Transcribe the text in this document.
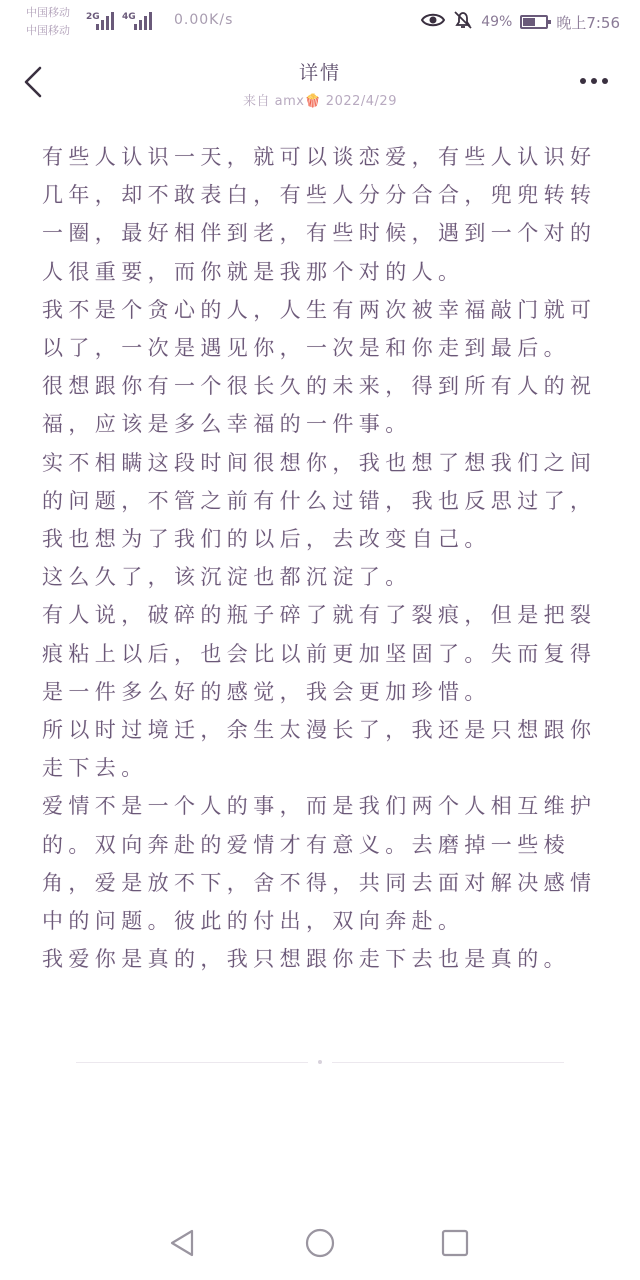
中国移动
中国移动
2G 4G	0.00K/s	49%	晚上7:56
详情
来自 amx🍿 2022/4/29

有些人认识一天，就可以谈恋爱，有些人认识好几年，却不敢表白，有些人分分合合，兜兜转转一圈，最好相伴到老，有些时候，遇到一个对的人很重要，而你就是我那个对的人。

我不是个贪心的人，人生有两次被幸福敲门就可以了，一次是遇见你，一次是和你走到最后。

很想跟你有一个很长久的未来，得到所有人的祝福，应该是多么幸福的一件事。

实不相瞒这段时间很想你，我也想了想我们之间的问题，不管之前有什么过错，我也反思过了，我也想为了我们的以后，去改变自己。

这么久了，该沉淀也都沉淀了。

有人说，破碎的瓶子碎了就有了裂痕，但是把裂痕粘上以后，也会比以前更加坚固了。失而复得是一件多么好的感觉，我会更加珍惜。

所以时过境迁，余生太漫长了，我还是只想跟你走下去。

爱情不是一个人的事，而是我们两个人相互维护的。双向奔赴的爱情才有意义。去磨掉一些棱角，爱是放不下，舍不得，共同去面对解决感情中的问题。彼此的付出，双向奔赴。

我爱你是真的，我只想跟你走下去也是真的。
